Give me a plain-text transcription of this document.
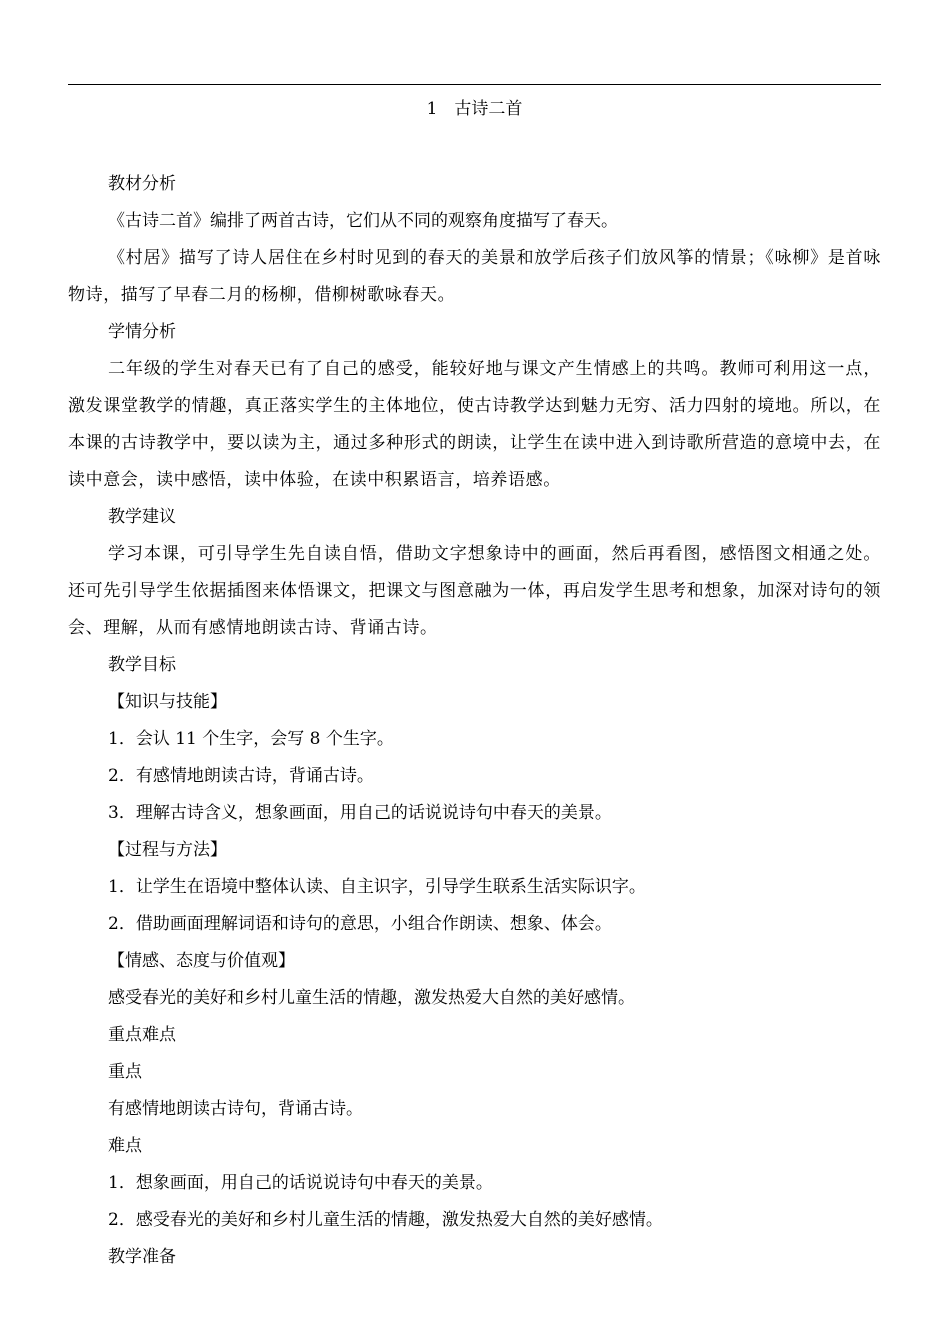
1　古诗二首

教材分析

《古诗二首》编排了两首古诗，它们从不同的观察角度描写了春天。

《村居》描写了诗人居住在乡村时见到的春天的美景和放学后孩子们放风筝的情景；《咏柳》是首咏物诗，描写了早春二月的杨柳，借柳树歌咏春天。

学情分析

二年级的学生对春天已有了自己的感受，能较好地与课文产生情感上的共鸣。教师可利用这一点，激发课堂教学的情趣，真正落实学生的主体地位，使古诗教学达到魅力无穷、活力四射的境地。所以，在本课的古诗教学中，要以读为主，通过多种形式的朗读，让学生在读中进入到诗歌所营造的意境中去，在读中意会，读中感悟，读中体验，在读中积累语言，培养语感。

教学建议

学习本课，可引导学生先自读自悟，借助文字想象诗中的画面，然后再看图，感悟图文相通之处。还可先引导学生依据插图来体悟课文，把课文与图意融为一体，再启发学生思考和想象，加深对诗句的领会、理解，从而有感情地朗读古诗、背诵古诗。

教学目标

【知识与技能】

1．会认 11 个生字，会写 8 个生字。

2．有感情地朗读古诗，背诵古诗。

3．理解古诗含义，想象画面，用自己的话说说诗句中春天的美景。

【过程与方法】

1．让学生在语境中整体认读、自主识字，引导学生联系生活实际识字。

2．借助画面理解词语和诗句的意思，小组合作朗读、想象、体会。

【情感、态度与价值观】

感受春光的美好和乡村儿童生活的情趣，激发热爱大自然的美好感情。

重点难点

重点

有感情地朗读古诗句，背诵古诗。

难点

1．想象画面，用自己的话说说诗句中春天的美景。

2．感受春光的美好和乡村儿童生活的情趣，激发热爱大自然的美好感情。

教学准备
